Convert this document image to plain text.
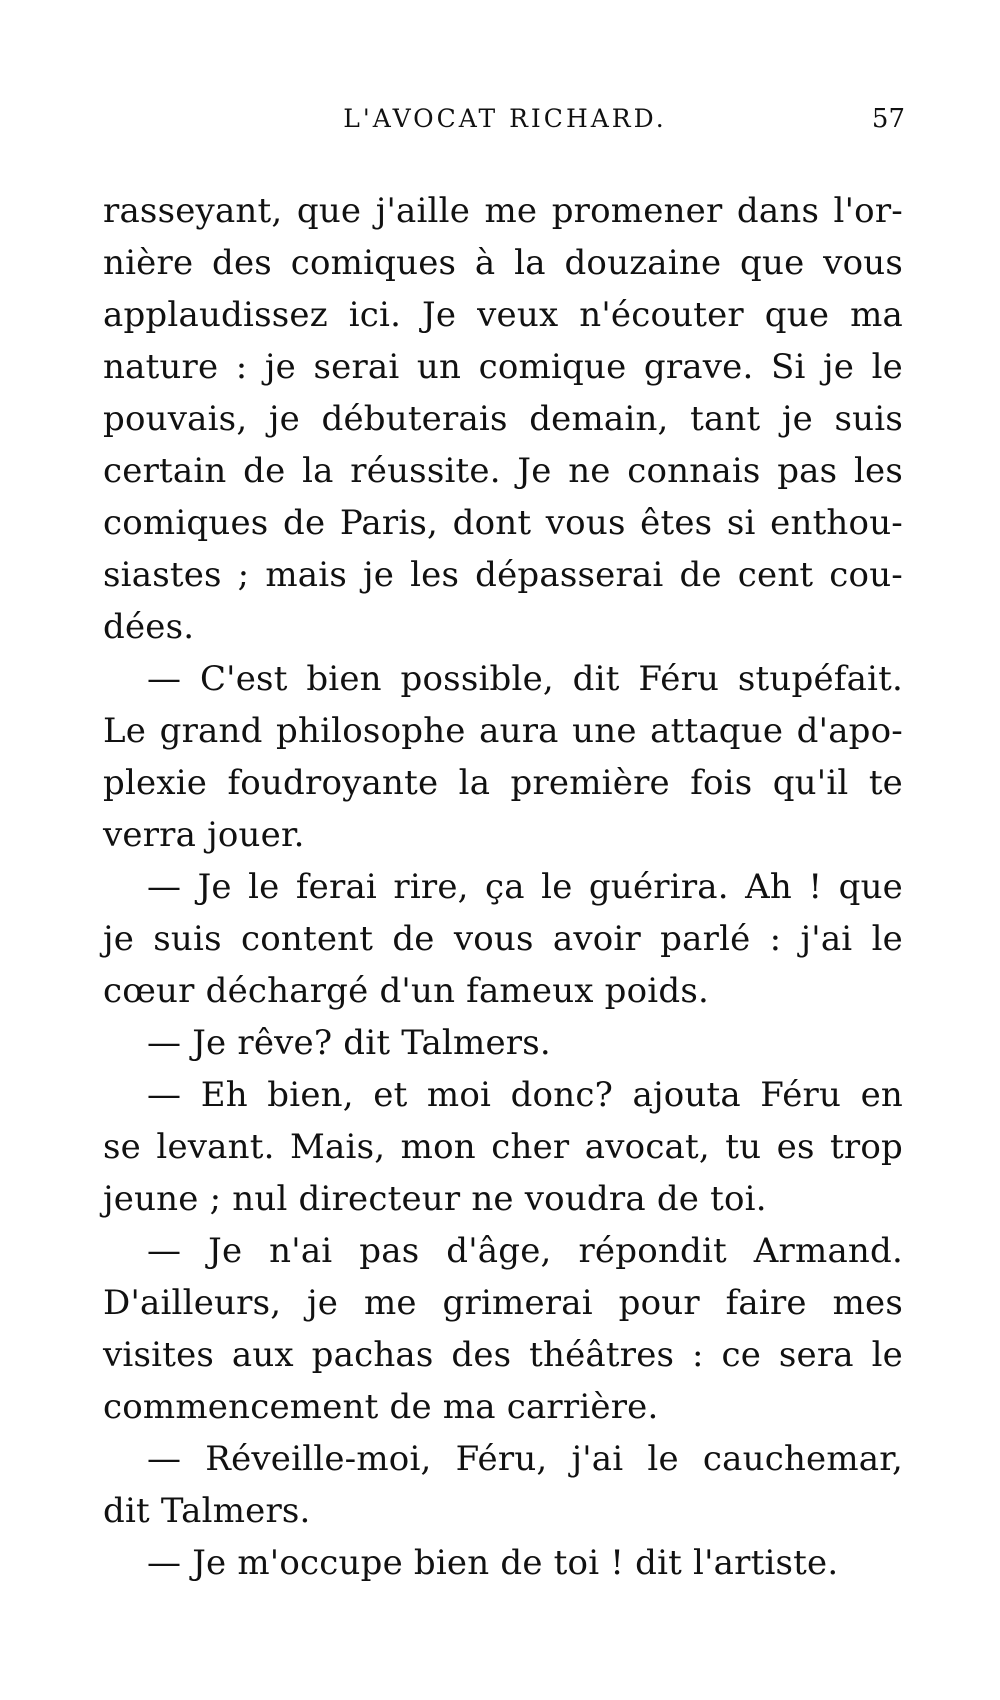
L'AVOCAT RICHARD.	57
rasseyant, que j'aille me promener dans l'or-
nière des comiques à la douzaine que vous
applaudissez ici. Je veux n'écouter que ma
nature : je serai un comique grave. Si je le
pouvais, je débuterais demain, tant je suis
certain de la réussite. Je ne connais pas les
comiques de Paris, dont vous êtes si enthou-
siastes ; mais je les dépasserai de cent cou-
dées.
— C'est bien possible, dit Féru stupéfait.
Le grand philosophe aura une attaque d'apo-
plexie foudroyante la première fois qu'il te
verra jouer.
— Je le ferai rire, ça le guérira. Ah ! que
je suis content de vous avoir parlé : j'ai le
cœur déchargé d'un fameux poids.
— Je rêve? dit Talmers.
— Eh bien, et moi donc? ajouta Féru en
se levant. Mais, mon cher avocat, tu es trop
jeune ; nul directeur ne voudra de toi.
— Je n'ai pas d'âge, répondit Armand.
D'ailleurs, je me grimerai pour faire mes
visites aux pachas des théâtres : ce sera le
commencement de ma carrière.
— Réveille-moi, Féru, j'ai le cauchemar,
dit Talmers.
— Je m'occupe bien de toi ! dit l'artiste.
